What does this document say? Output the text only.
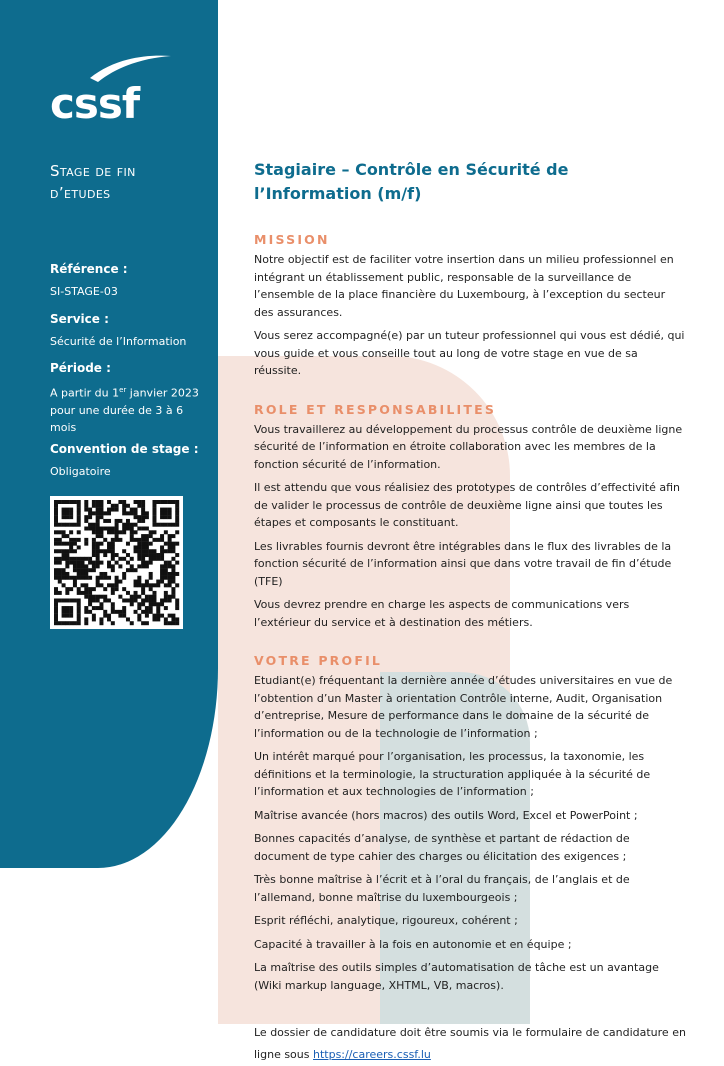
cssf
Stage de fin
d’etudes
Référence :
SI-STAGE-03
Service :
Sécurité de l’Information
Période :
A partir du 1er janvier 2023 pour une durée de 3 à 6 mois
Convention de stage :
Obligatoire
Stagiaire – Contrôle en Sécurité de l’Information (m/f)
MISSION

Notre objectif est de faciliter votre insertion dans un milieu professionnel en intégrant un établissement public, responsable de la surveillance de l’ensemble de la place financière du Luxembourg, à l’exception du secteur des assurances.

Vous serez accompagné(e) par un tuteur professionnel qui vous est dédié, qui vous guide et vous conseille tout au long de votre stage en vue de sa réussite.

ROLE ET RESPONSABILITES

Vous travaillerez au développement du processus contrôle de deuxième ligne sécurité de l’information en étroite collaboration avec les membres de la fonction sécurité de l’information.

Il est attendu que vous réalisiez des prototypes de contrôles d’effectivité afin de valider le processus de contrôle de deuxième ligne ainsi que toutes les étapes et composants le constituant.

Les livrables fournis devront être intégrables dans le flux des livrables de la fonction sécurité de l’information ainsi que dans votre travail de fin d’étude (TFE)

Vous devrez prendre en charge les aspects de communications vers l’extérieur du service et à destination des métiers.

VOTRE PROFIL

Etudiant(e) fréquentant la dernière année d’études universitaires en vue de l’obtention d’un Master à orientation Contrôle interne, Audit, Organisation d’entreprise, Mesure de performance dans le domaine de la sécurité de l’information ou de la technologie de l’information ;

Un intérêt marqué pour l’organisation, les processus, la taxonomie, les définitions et la terminologie, la structuration appliquée à la sécurité de l’information et aux technologies de l’information ;

Maîtrise avancée (hors macros) des outils Word, Excel et PowerPoint ;

Bonnes capacités d’analyse, de synthèse et partant de rédaction de document de type cahier des charges ou élicitation des exigences ;

Très bonne maîtrise à l’écrit et à l’oral du français, de l’anglais et de l’allemand, bonne maîtrise du luxembourgeois ;

Esprit réfléchi, analytique, rigoureux, cohérent ;

Capacité à travailler à la fois en autonomie et en équipe ;

La maîtrise des outils simples d’automatisation de tâche est un avantage (Wiki markup language, XHTML, VB, macros).

Le dossier de candidature doit être soumis via le formulaire de candidature en ligne sous https://careers.cssf.lu
